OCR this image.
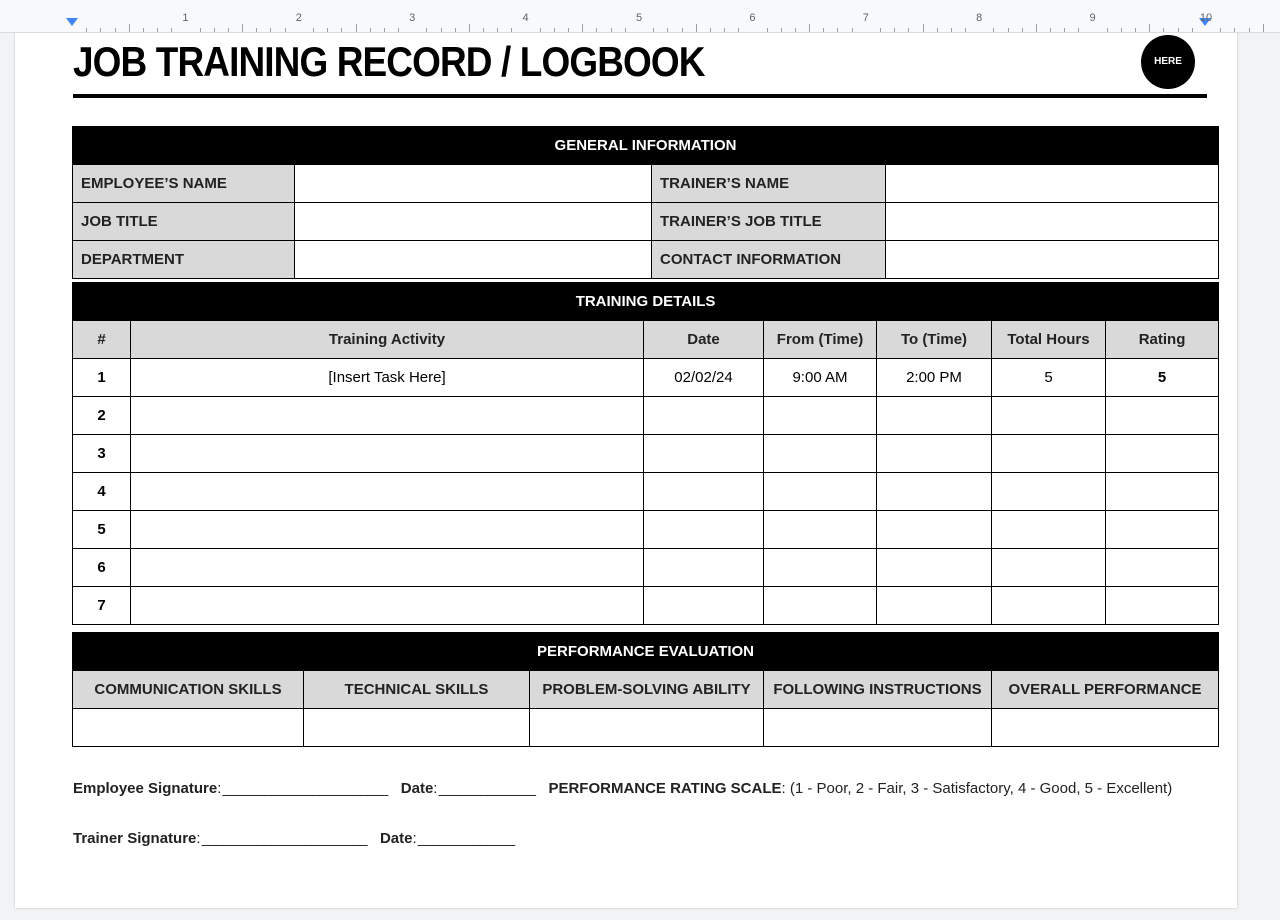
1	2	3	4	5	6	7	8	9	10
JOB TRAINING RECORD / LOGBOOK	HERE
GENERAL INFORMATION			
EMPLOYEE’S NAME		TRAINER’S NAME	
JOB TITLE		TRAINER’S JOB TITLE	
DEPARTMENT		CONTACT INFORMATION	
TRAINING DETAILS						
#	Training Activity	Date	From (Time)	To (Time)	Total Hours	Rating
1	[Insert Task Here]	02/02/24	9:00 AM	2:00 PM	5	5
2						
3						
4						
5						
6						
7						
PERFORMANCE EVALUATION				
COMMUNICATION SKILLS	TECHNICAL SKILLS	PROBLEM-SOLVING ABILITY	FOLLOWING INSTRUCTIONS	OVERALL PERFORMANCE

Employee Signature: ________________________ Date: ______________ PERFORMANCE RATING SCALE: (1 - Poor, 2 - Fair, 3 - Satisfactory, 4 - Good, 5 - Excellent)
Trainer Signature: ________________________ Date: ______________
